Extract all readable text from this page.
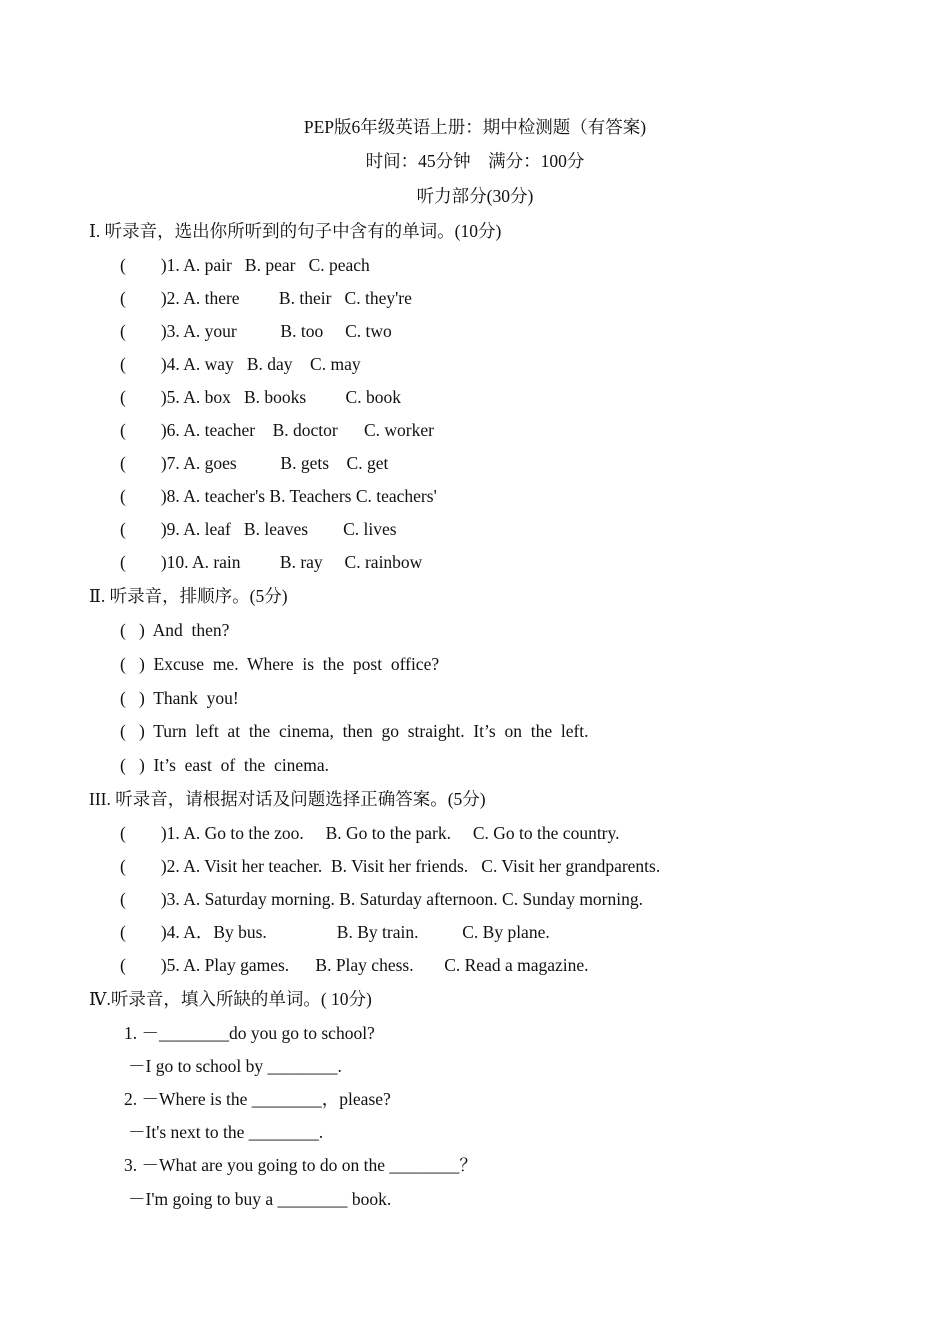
PEP版6年级英语上册：期中检测题（有答案)
时间：45分钟    满分：100分
听力部分(30分)
Ⅰ. 听录音，选出你所听到的句子中含有的单词。(10分)
(        )1. A. pair   B. pear   C. peach
(        )2. A. there         B. their   C. they're
(        )3. A. your          B. too     C. two
(        )4. A. way   B. day    C. may
(        )5. A. box   B. books         C. book
(        )6. A. teacher    B. doctor      C. worker
(        )7. A. goes          B. gets    C. get
(        )8. A. teacher's B. Teachers C. teachers'
(        )9. A. leaf   B. leaves        C. lives
(        )10. A. rain         B. ray     C. rainbow
Ⅱ. 听录音，排顺序。(5分)
(   )  And  then?
(   )  Excuse  me.  Where  is  the  post  office?
(   )  Thank  you!
(   )  Turn  left  at  the  cinema,  then  go  straight.  It’s  on  the  left.
(   )  It’s  east  of  the  cinema.
III. 听录音，请根据对话及问题选择正确答案。(5分)
(        )1. A. Go to the zoo.     B. Go to the park.     C. Go to the country.
(        )2. A. Visit her teacher.  B. Visit her friends.   C. Visit her grandparents.
(        )3. A. Saturday morning. B. Saturday afternoon. C. Sunday morning.
(        )4. A．By bus.                B. By train.          C. By plane.
(        )5. A. Play games.      B. Play chess.       C. Read a magazine.
Ⅳ.听录音，填入所缺的单词。( 10分)
1. －________do you go to school?
－I go to school by ________.
2. －Where is the ________，please?
－It's next to the ________.
3. －What are you going to do on the ________？
－I'm going to buy a ________ book.
